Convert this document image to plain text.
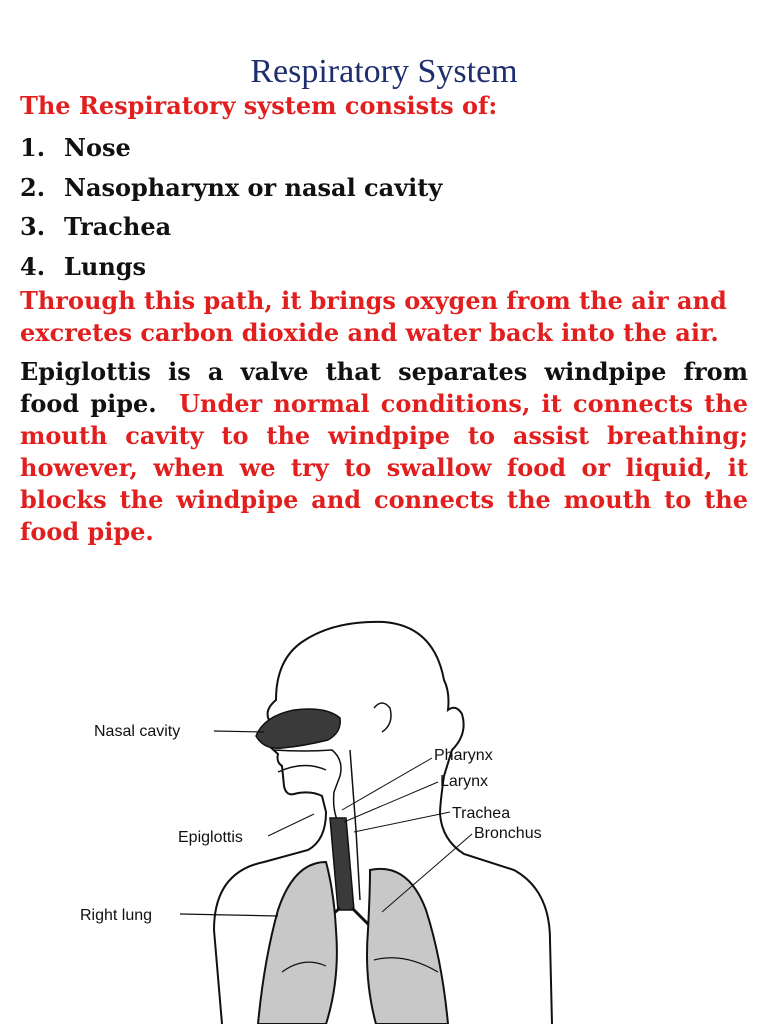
Respiratory System
The Respiratory system consists of:
1. Nose
2. Nasopharynx or nasal cavity
3. Trachea
4. Lungs
Through this path, it brings oxygen from the air and excretes carbon dioxide and water back into the air.
Epiglottis is a valve that separates windpipe from food pipe. Under normal conditions, it connects the mouth cavity to the windpipe to assist breathing; however, when we try to swallow food or liquid, it blocks the windpipe and connects the mouth to the food pipe.
Nasal cavity
Pharynx
Larynx
Trachea
Bronchus
Epiglottis
Right lung
